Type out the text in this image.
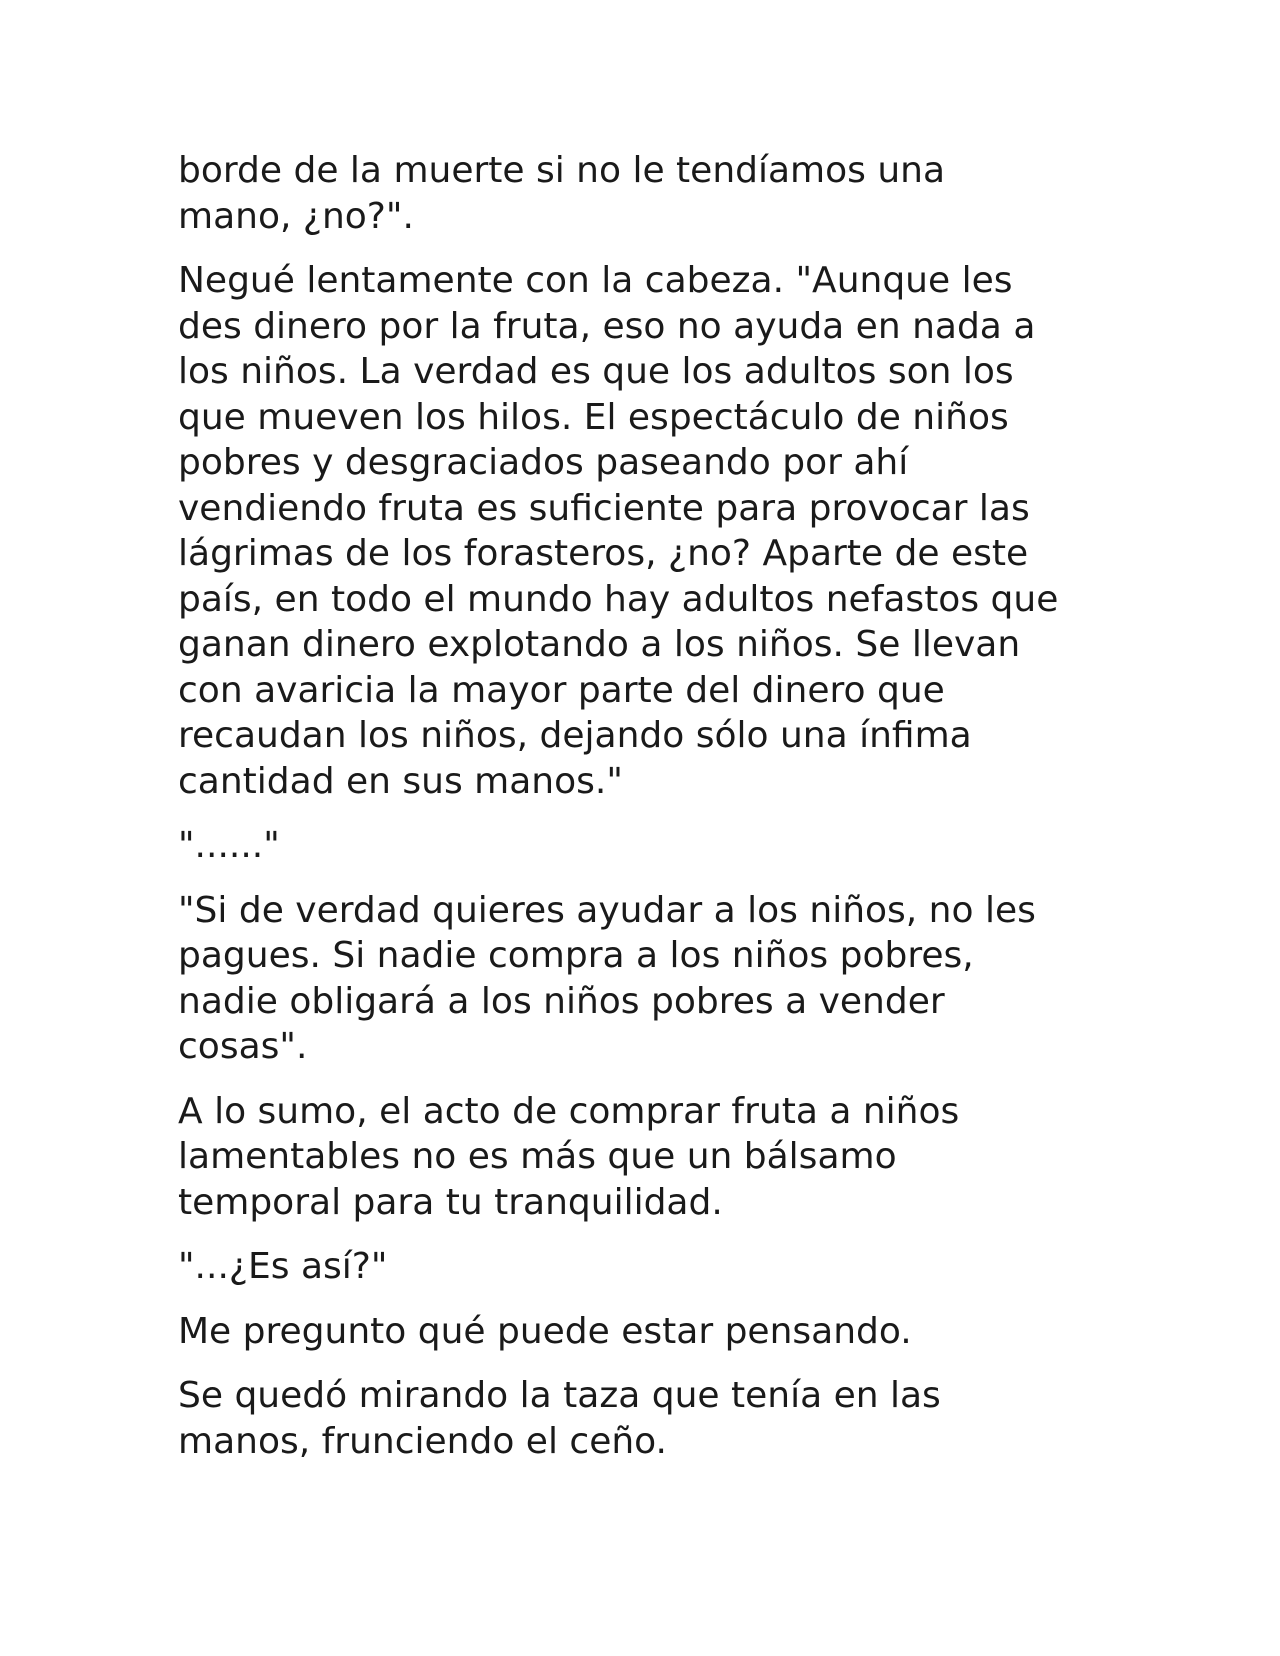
borde de la muerte si no le tendíamos una
mano, ¿no?".

Negué lentamente con la cabeza. "Aunque les
des dinero por la fruta, eso no ayuda en nada a
los niños. La verdad es que los adultos son los
que mueven los hilos. El espectáculo de niños
pobres y desgraciados paseando por ahí
vendiendo fruta es suficiente para provocar las
lágrimas de los forasteros, ¿no? Aparte de este
país, en todo el mundo hay adultos nefastos que
ganan dinero explotando a los niños. Se llevan
con avaricia la mayor parte del dinero que
recaudan los niños, dejando sólo una ínfima
cantidad en sus manos."

"......"

"Si de verdad quieres ayudar a los niños, no les
pagues. Si nadie compra a los niños pobres,
nadie obligará a los niños pobres a vender
cosas".

A lo sumo, el acto de comprar fruta a niños
lamentables no es más que un bálsamo
temporal para tu tranquilidad.

"...¿Es así?"

Me pregunto qué puede estar pensando.

Se quedó mirando la taza que tenía en las
manos, frunciendo el ceño.
